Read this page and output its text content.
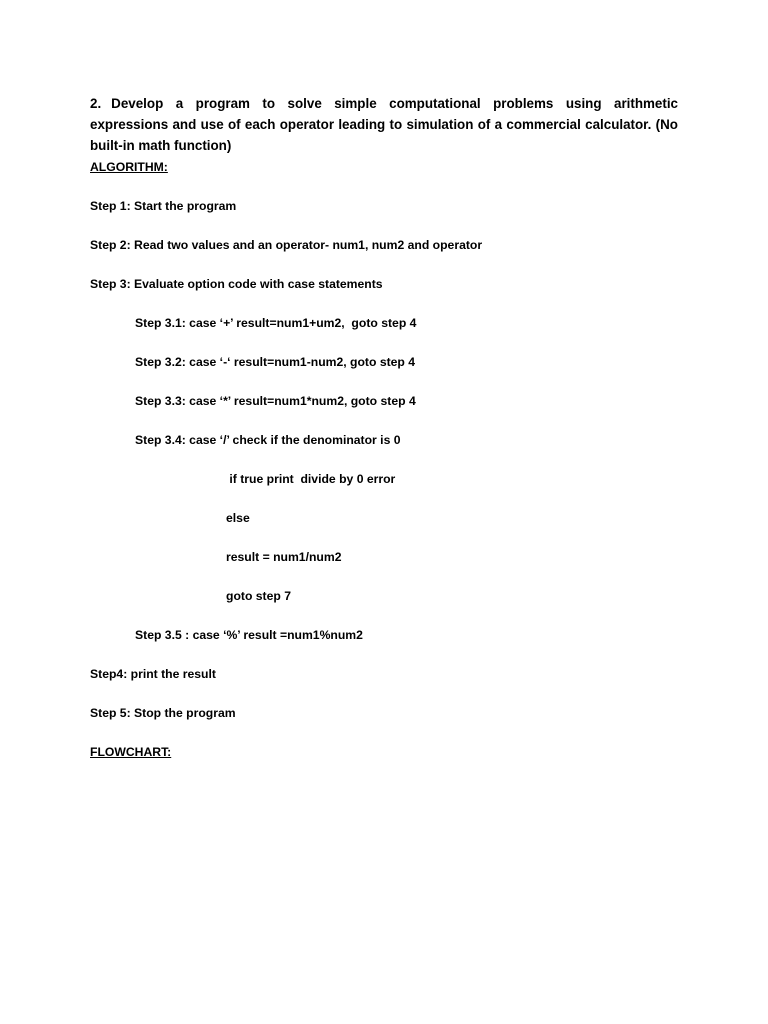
2. Develop a program to solve simple computational problems using arithmetic expressions and use of each operator leading to simulation of a commercial calculator. (No built-in math function)

ALGORITHM:

Step 1: Start the program

Step 2: Read two values and an operator- num1, num2 and operator

Step 3: Evaluate option code with case statements

Step 3.1: case ‘+’ result=num1+um2,  goto step 4

Step 3.2: case ‘-‘ result=num1-num2, goto step 4

Step 3.3: case ‘*’ result=num1*num2, goto step 4

Step 3.4: case ‘/’ check if the denominator is 0

if true print  divide by 0 error

else

result = num1/num2

goto step 7

Step 3.5 : case ‘%’ result =num1%num2

Step4: print the result

Step 5: Stop the program

FLOWCHART:
